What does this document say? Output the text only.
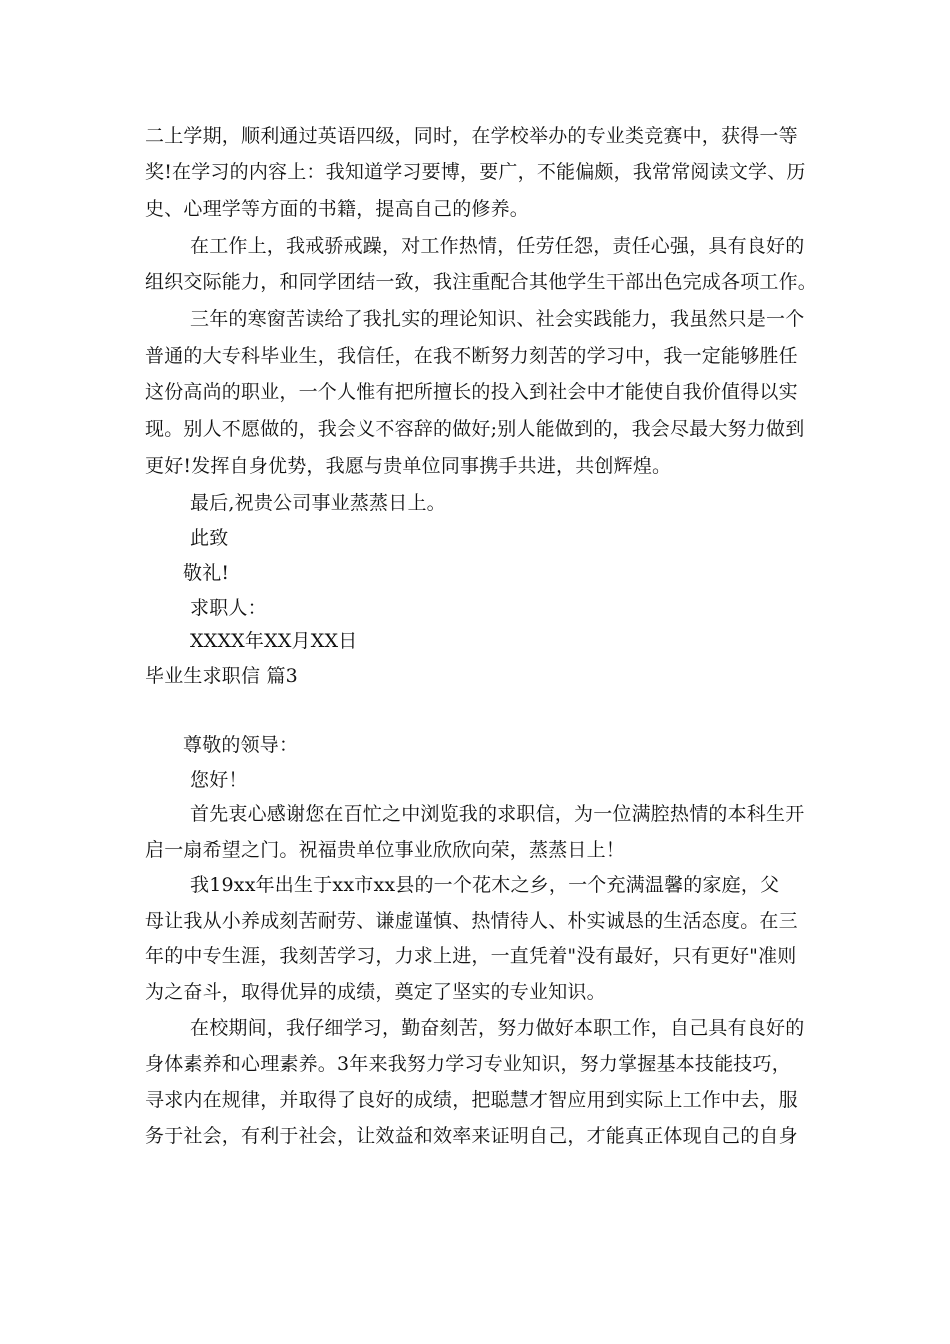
二上学期，顺利通过英语四级，同时，在学校举办的专业类竞赛中，获得一等
奖!在学习的内容上：我知道学习要博，要广，不能偏颇，我常常阅读文学、历
史、心理学等方面的书籍，提高自己的修养。
在工作上，我戒骄戒躁，对工作热情，任劳任怨，责任心强，具有良好的
组织交际能力，和同学团结一致，我注重配合其他学生干部出色完成各项工作。
三年的寒窗苦读给了我扎实的理论知识、社会实践能力，我虽然只是一个
普通的大专科毕业生，我信任，在我不断努力刻苦的学习中，我一定能够胜任
这份高尚的职业，一个人惟有把所擅长的投入到社会中才能使自我价值得以实
现。别人不愿做的，我会义不容辞的做好;别人能做到的，我会尽最大努力做到
更好!发挥自身优势，我愿与贵单位同事携手共进，共创辉煌。
最后,祝贵公司事业蒸蒸日上。
此致
敬礼!
求职人：
XXXX年XX月XX日
毕业生求职信 篇3
尊敬的领导：
您好！
首先衷心感谢您在百忙之中浏览我的求职信，为一位满腔热情的本科生开
启一扇希望之门。祝福贵单位事业欣欣向荣，蒸蒸日上！
我19xx年出生于xx市xx县的一个花木之乡，一个充满温馨的家庭，父
母让我从小养成刻苦耐劳、谦虚谨慎、热情待人、朴实诚恳的生活态度。在三
年的中专生涯，我刻苦学习，力求上进，一直凭着"没有最好，只有更好"准则
为之奋斗，取得优异的成绩，奠定了坚实的专业知识。
在校期间，我仔细学习，勤奋刻苦，努力做好本职工作，自己具有良好的
身体素养和心理素养。3年来我努力学习专业知识，努力掌握基本技能技巧，
寻求内在规律，并取得了良好的成绩，把聪慧才智应用到实际上工作中去，服
务于社会，有利于社会，让效益和效率来证明自己，才能真正体现自己的自身
